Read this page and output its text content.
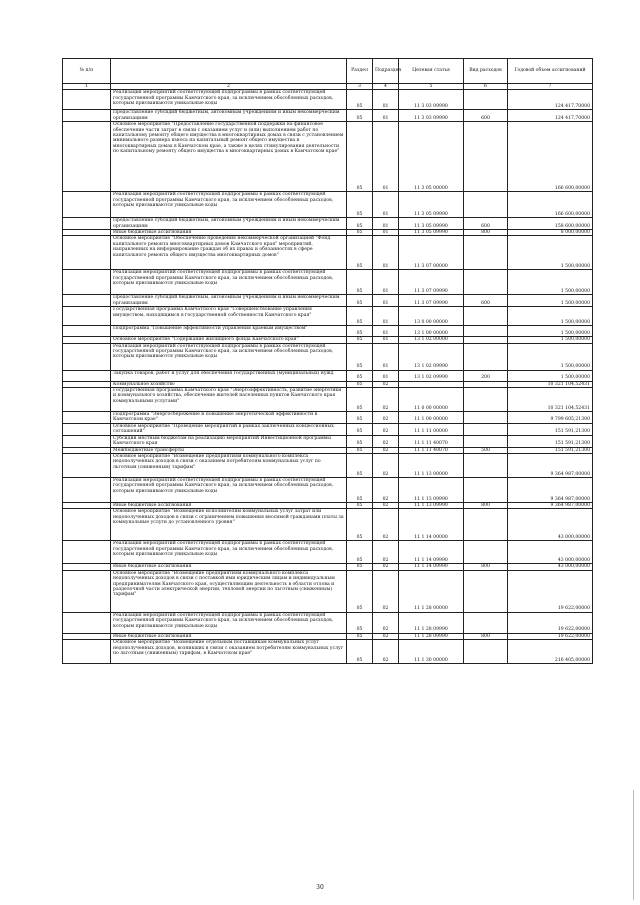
№ п/п		Раздел	Подраздел	Целевая статья	Вид расходов	Годовой объем ассигнований
1	2	3	4	5	6	7
	Реализация мероприятий соответствующей подпрограммы в рамках соответствующей государственной программы Камчатского края, за исключением обособленных расходов, которым присваиваются уникальные коды	05	01	11 3 03 09990		124 417,70000
	Предоставление субсидий бюджетным, автономным учреждениям и иным некоммерческим организациям	05	01	11 3 03 09990	600	124 417,70000
	Основное мероприятие "Предоставление государственной поддержки на финансовое обеспечение части затрат в связи с оказанием услуг и (или) выполнением работ по капитальному ремонту общего имущества в многоквартирных домах в связи с установлением минимального размера взноса на капитальный ремонт общего имущества в многоквартирных домах в Камчатском крае, а также в целях стимулирования деятельности по капитальному ремонту общего имущества в многоквартирных домах в Камчатском крае"	05	01	11 3 05 00000		166 600,00000
	Реализация мероприятий соответствующей подпрограммы в рамках соответствующей государственной программы Камчатского края, за исключением обособленных расходов, которым присваиваются уникальные коды	05	01	11 3 05 09990		166 600,00000
	Предоставление субсидий бюджетным, автономным учреждениям и иным некоммерческим организациям	05	01	11 3 05 09990	600	158 600,00000
	Иные бюджетные ассигнования	05	01	11 3 05 09990	800	8 000,00000
	Основное мероприятие "Обеспечение проведения некоммерческой организацией "Фонд капитального ремонта многоквартирных домов Камчатского края" мероприятий, направленных на информирование граждан об их правах и обязанностях в сфере капитального ремонта общего имущества многоквартирных домов"	05	01	11 3 07 00000		1 500,00000
	Реализация мероприятий соответствующей подпрограммы в рамках соответствующей государственной программы Камчатского края, за исключением обособленных расходов, которым присваиваются уникальные коды	05	01	11 3 07 09990		1 500,00000
	Предоставление субсидий бюджетным, автономным учреждениям и иным некоммерческим организациям	05	01	11 3 07 09990	600	1 500,00000
	Государственная программа Камчатского края "Совершенствование управления имуществом, находящимся в государственной собственности Камчатского края"	05	01	13 0 00 00000		1 500,00000
	Подпрограмма "Повышение эффективности управления краевым имуществом"	05	01	13 1 00 00000		1 500,00000
	Основное мероприятие "Содержание жилищного фонда Камчатского края"	05	01	13 1 02 00000		1 500,00000
	Реализация мероприятий соответствующей подпрограммы в рамках соответствующей государственной программы Камчатского края, за исключением обособленных расходов, которым присваиваются уникальные коды	05	01	13 1 02 09990		1 500,00000
	Закупка товаров, работ и услуг для обеспечения государственных (муниципальных) нужд	05	01	13 1 02 09990	200	1 500,00000
	Коммунальное хозяйство	05	02			10 321 104,52431
	Государственная программа Камчатского края "Энергоэффективность, развитие энергетики и коммунального хозяйства, обеспечение жителей населенных пунктов Камчатского края коммунальными услугами"	05	02	11 0 00 00000		10 321 104,52431
	Подпрограмма "Энергосбережение и повышение энергетической эффективности в Камчатском крае"	05	02	11 1 00 00000		9 799 605,21300
	Основное мероприятие "Проведение мероприятий в рамках заключенных концессионных соглашений"	05	02	11 1 11 00000		151 591,21300
	Субсидии местным бюджетам на реализацию мероприятий Инвестиционной программы Камчатского края	05	02	11 1 11 40070		151 591,21300
	Межбюджетные трансферты	05	02	11 1 11 40070	500	151 591,21300
	Основное мероприятие "Возмещение предприятиям коммунального комплекса недополученных доходов в связи с оказанием потребителям коммунальных услуг по льготным (сниженным) тарифам"	05	02	11 1 13 00000		9 364 987,00000
	Реализация мероприятий соответствующей подпрограммы в рамках соответствующей государственной программы Камчатского края, за исключением обособленных расходов, которым присваиваются уникальные коды	05	02	11 1 13 09990		9 364 987,00000
	Иные бюджетные ассигнования	05	02	11 1 13 09990	800	9 364 987,00000
	Основное мероприятие "Возмещение исполнителям коммунальных услуг затрат или недополученных доходов в связи с ограничением повышения вносимой гражданами платы за коммунальные услуги до установленного уровня"	05	02	11 1 14 00000		43 000,00000
	Реализация мероприятий соответствующей подпрограммы в рамках соответствующей государственной программы Камчатского края, за исключением обособленных расходов, которым присваиваются уникальные коды	05	02	11 1 14 09990		43 000,00000
	Иные бюджетные ассигнования	05	02	11 1 14 09990	800	43 000,00000
	Основное мероприятие "Возмещение предприятиям коммунального комплекса недополученных доходов в связи с поставкой ими юридическим лицам и индивидуальным предпринимателям Камчатского края, осуществляющим деятельность в области отлова и разделочной части электрической энергии, тепловой энергии по льготным (сниженным) тарифам"	05	02	11 1 28 00000		19 622,00000
	Реализация мероприятий соответствующей подпрограммы в рамках соответствующей государственной программы Камчатского края, за исключением обособленных расходов, которым присваиваются уникальные коды	05	02	11 1 28 09990		19 622,00000
	Иные бюджетные ассигнования	05	02	11 1 28 09990	800	19 622,00000
	Основное мероприятие "Возмещение отдельным поставщикам коммунальных услуг недополученных доходов, возникших в связи с оказанием потребителям коммунальных услуг по льготным (сниженным) тарифам, в Камчатском крае"	05	02	11 1 30 00000		216 405,00000
30
